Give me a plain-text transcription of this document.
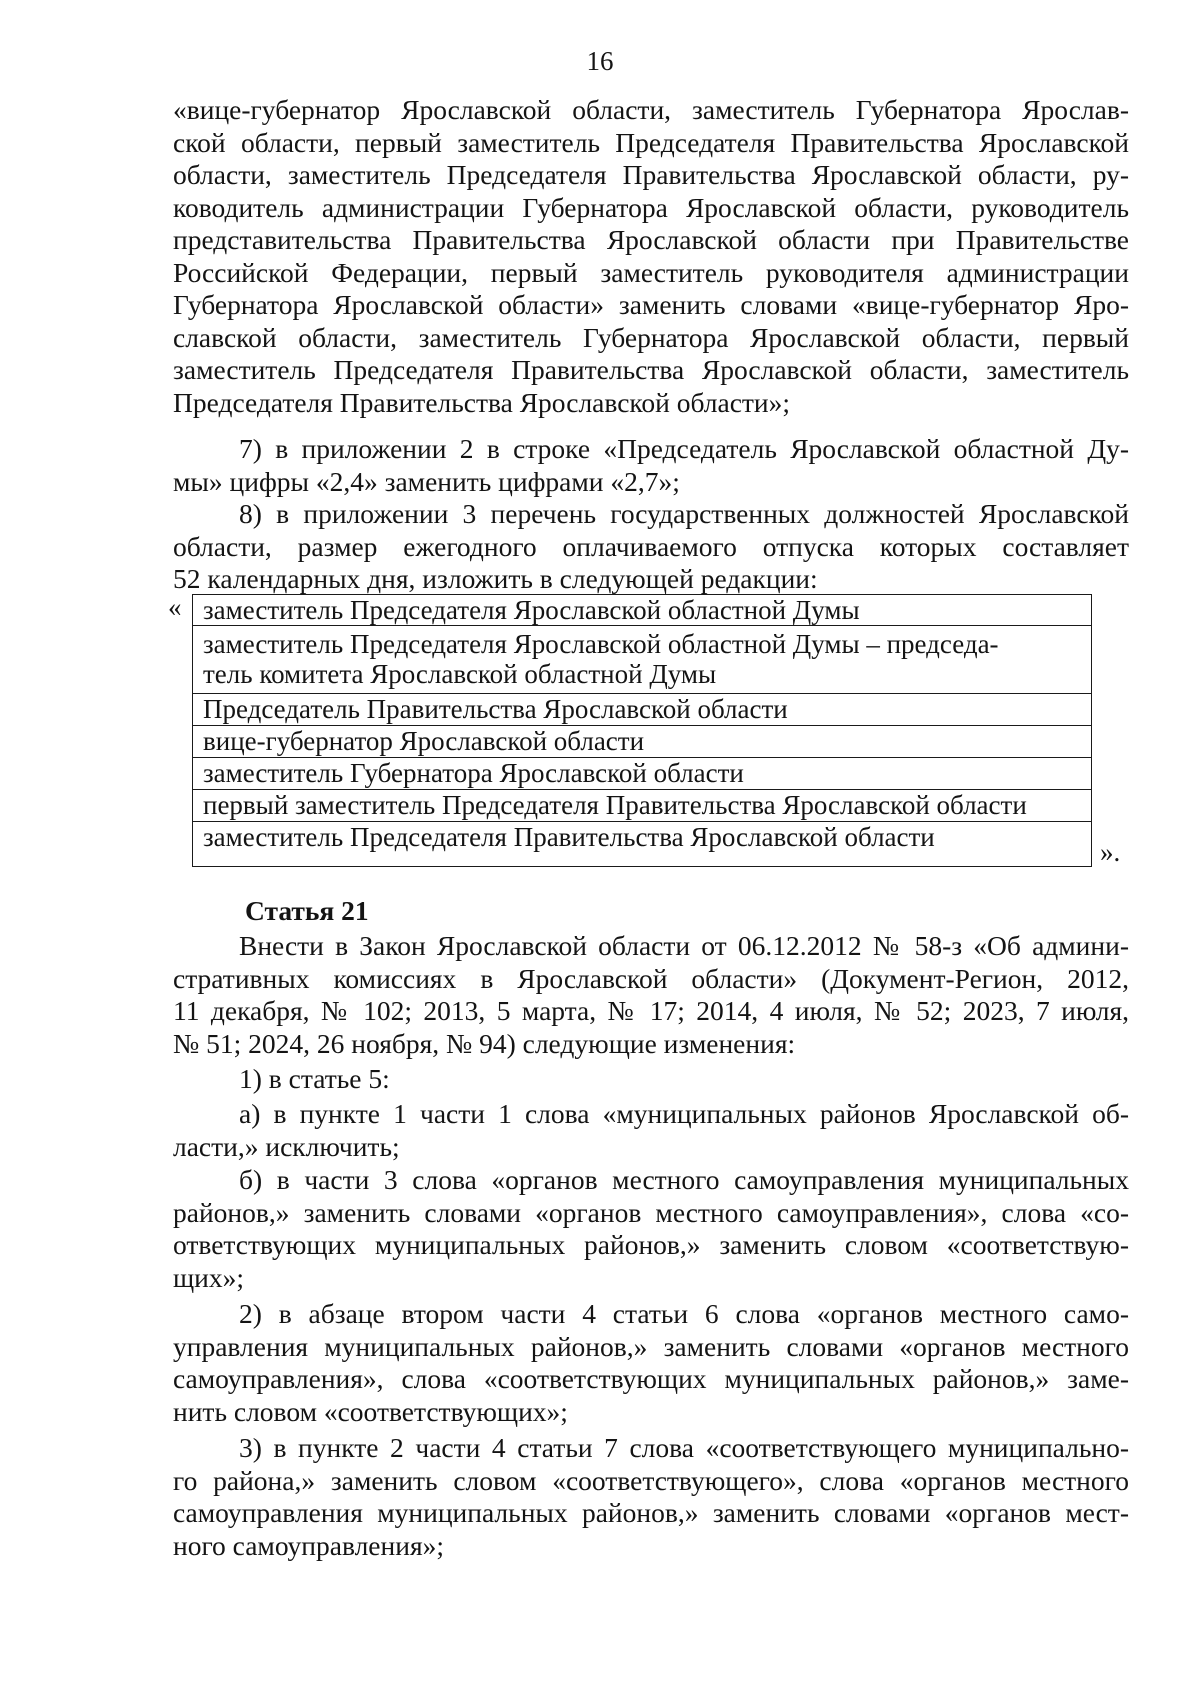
16

«вице-губернатор Ярославской области, заместитель Губернатора Ярослав-

ской области, первый заместитель Председателя Правительства Ярославской

области, заместитель Председателя Правительства Ярославской области, ру-

ководитель администрации Губернатора Ярославской области, руководитель

представительства Правительства Ярославской области при Правительстве

Российской Федерации, первый заместитель руководителя администрации

Губернатора Ярославской области» заменить словами «вице-губернатор Яро-

славской области, заместитель Губернатора Ярославской области, первый

заместитель Председателя Правительства Ярославской области, заместитель

Председателя Правительства Ярославской области»;

7) в приложении 2 в строке «Председатель Ярославской областной Ду-

мы» цифры «2,4» заменить цифрами «2,7»;

8) в приложении 3 перечень государственных должностей Ярославской

области, размер ежегодного оплачиваемого отпуска которых составляет

52 календарных дня, изложить в следующей редакции:

« заместитель Председателя Ярославской областной Думы

заместитель Председателя Ярославской областной Думы – председа-
тель комитета Ярославской областной Думы

Председатель Правительства Ярославской области

вице-губернатор Ярославской области

заместитель Губернатора Ярославской области

первый заместитель Председателя Правительства Ярославской области

заместитель Председателя Правительства Ярославской области	».

Статья 21

Внести в Закон Ярославской области от 06.12.2012 № 58-з «Об админи-

стративных комиссиях в Ярославской области» (Документ-Регион, 2012,

11 декабря, № 102; 2013, 5 марта, № 17; 2014, 4 июля, № 52; 2023, 7 июля,

№ 51; 2024, 26 ноября, № 94) следующие изменения:

1) в статье 5:

а) в пункте 1 части 1 слова «муниципальных районов Ярославской об-

ласти,» исключить;

б) в части 3 слова «органов местного самоуправления муниципальных

районов,» заменить словами «органов местного самоуправления», слова «со-

ответствующих муниципальных районов,» заменить словом «соответствую-

щих»;

2) в абзаце втором части 4 статьи 6 слова «органов местного само-

управления муниципальных районов,» заменить словами «органов местного

самоуправления», слова «соответствующих муниципальных районов,» заме-

нить словом «соответствующих»;

3) в пункте 2 части 4 статьи 7 слова «соответствующего муниципально-

го района,» заменить словом «соответствующего», слова «органов местного

самоуправления муниципальных районов,» заменить словами «органов мест-

ного самоуправления»;
